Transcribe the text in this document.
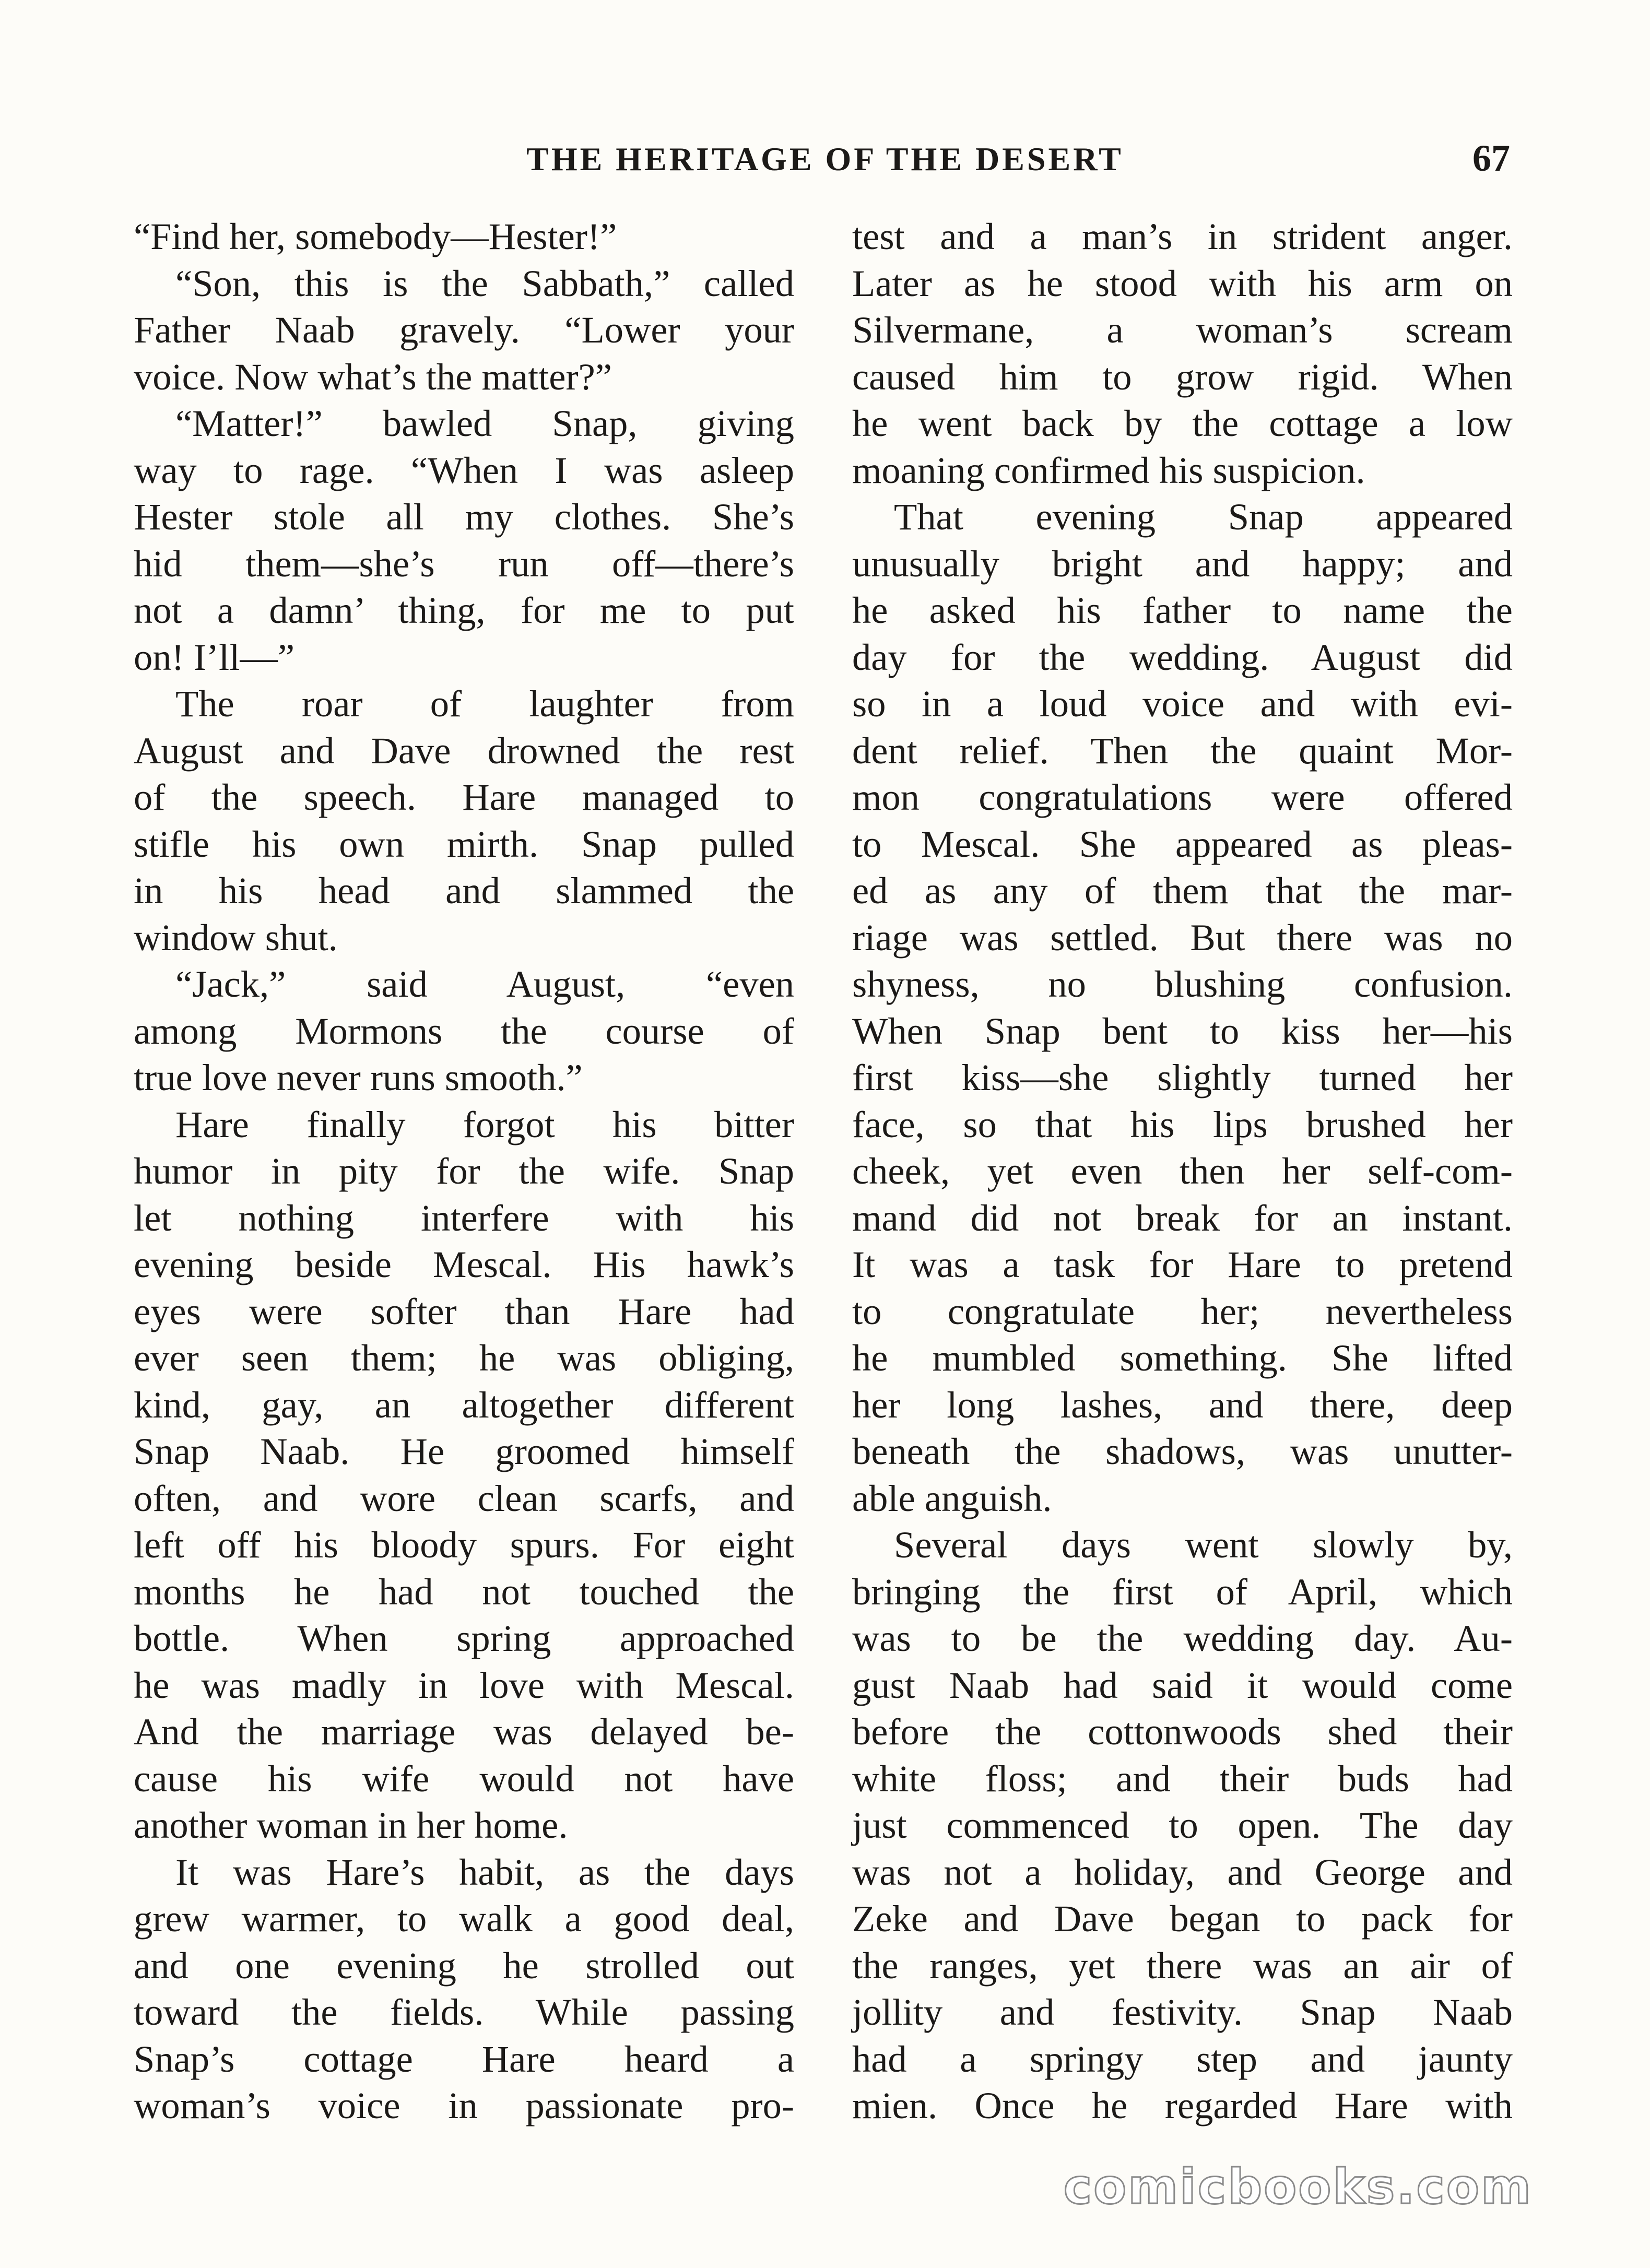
THE HERITAGE OF THE DESERT	67
“Find her, somebody—Hester!”
“Son, this is the Sabbath,” called
Father Naab gravely. “Lower your
voice. Now what’s the matter?”
“Matter!” bawled Snap, giving
way to rage. “When I was asleep
Hester stole all my clothes. She’s
hid them—she’s run off—there’s
not a damn’ thing, for me to put
on! I’ll—”
The roar of laughter from
August and Dave drowned the rest
of the speech. Hare managed to
stifle his own mirth. Snap pulled
in his head and slammed the
window shut.
“Jack,” said August, “even
among Mormons the course of
true love never runs smooth.”
Hare finally forgot his bitter
humor in pity for the wife. Snap
let nothing interfere with his
evening beside Mescal. His hawk’s
eyes were softer than Hare had
ever seen them; he was obliging,
kind, gay, an altogether different
Snap Naab. He groomed himself
often, and wore clean scarfs, and
left off his bloody spurs. For eight
months he had not touched the
bottle. When spring approached
he was madly in love with Mescal.
And the marriage was delayed be-
cause his wife would not have
another woman in her home.
It was Hare’s habit, as the days
grew warmer, to walk a good deal,
and one evening he strolled out
toward the fields. While passing
Snap’s cottage Hare heard a
woman’s voice in passionate pro-
test and a man’s in strident anger.
Later as he stood with his arm on
Silvermane, a woman’s scream
caused him to grow rigid. When
he went back by the cottage a low
moaning confirmed his suspicion.
That evening Snap appeared
unusually bright and happy; and
he asked his father to name the
day for the wedding. August did
so in a loud voice and with evi-
dent relief. Then the quaint Mor-
mon congratulations were offered
to Mescal. She appeared as pleas-
ed as any of them that the mar-
riage was settled. But there was no
shyness, no blushing confusion.
When Snap bent to kiss her—his
first kiss—she slightly turned her
face, so that his lips brushed her
cheek, yet even then her self-com-
mand did not break for an instant.
It was a task for Hare to pretend
to congratulate her; nevertheless
he mumbled something. She lifted
her long lashes, and there, deep
beneath the shadows, was unutter-
able anguish.
Several days went slowly by,
bringing the first of April, which
was to be the wedding day. Au-
gust Naab had said it would come
before the cottonwoods shed their
white floss; and their buds had
just commenced to open. The day
was not a holiday, and George and
Zeke and Dave began to pack for
the ranges, yet there was an air of
jollity and festivity. Snap Naab
had a springy step and jaunty
mien. Once he regarded Hare with
comicbooks.com
